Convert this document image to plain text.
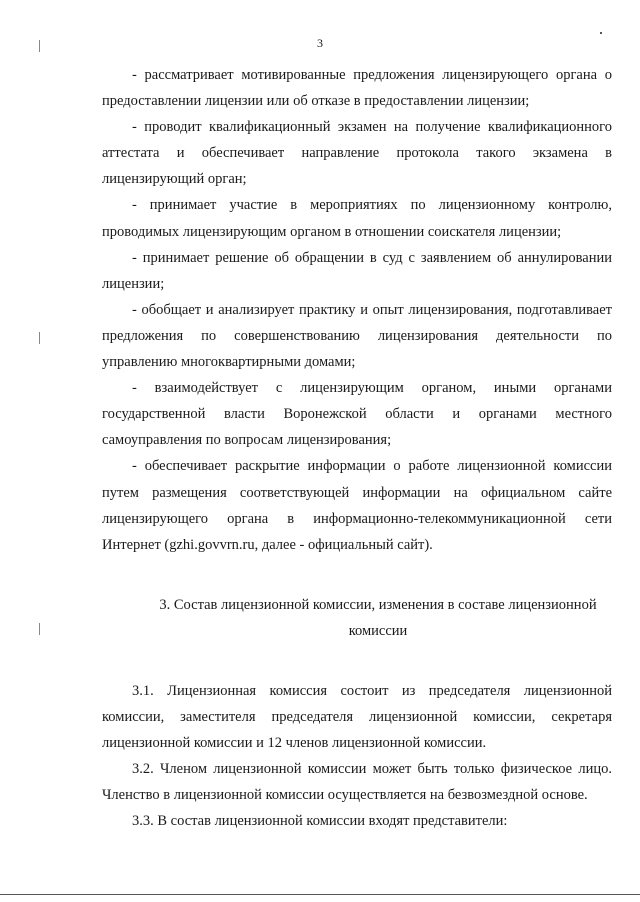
3

- рассматривает мотивированные предложения лицензирующего органа о предоставлении лицензии или об отказе в предоставлении лицензии;

- проводит квалификационный экзамен на получение квалификационного аттестата и обеспечивает направление протокола такого экзамена в лицензирующий орган;

- принимает участие в мероприятиях по лицензионному контролю, проводимых лицензирующим органом в отношении соискателя лицензии;

- принимает решение об обращении в суд с заявлением об аннулировании лицензии;

- обобщает и анализирует практику и опыт лицензирования, подготавливает предложения по совершенствованию лицензирования деятельности по управлению многоквартирными домами;

- взаимодействует с лицензирующим органом, иными органами государственной власти Воронежской области и органами местного самоуправления по вопросам лицензирования;

- обеспечивает раскрытие информации о работе лицензионной комиссии путем размещения соответствующей информации на официальном сайте лицензирующего органа в информационно-телекоммуникационной сети Интернет (gzhi.govvrn.ru, далее - официальный сайт).

3. Состав лицензионной комиссии, изменения в составе лицензионной комиссии

3.1. Лицензионная комиссия состоит из председателя лицензионной комиссии, заместителя председателя лицензионной комиссии, секретаря лицензионной комиссии и 12 членов лицензионной комиссии.

3.2. Членом лицензионной комиссии может быть только физическое лицо. Членство в лицензионной комиссии осуществляется на безвозмездной основе.

3.3. В состав лицензионной комиссии входят представители:
